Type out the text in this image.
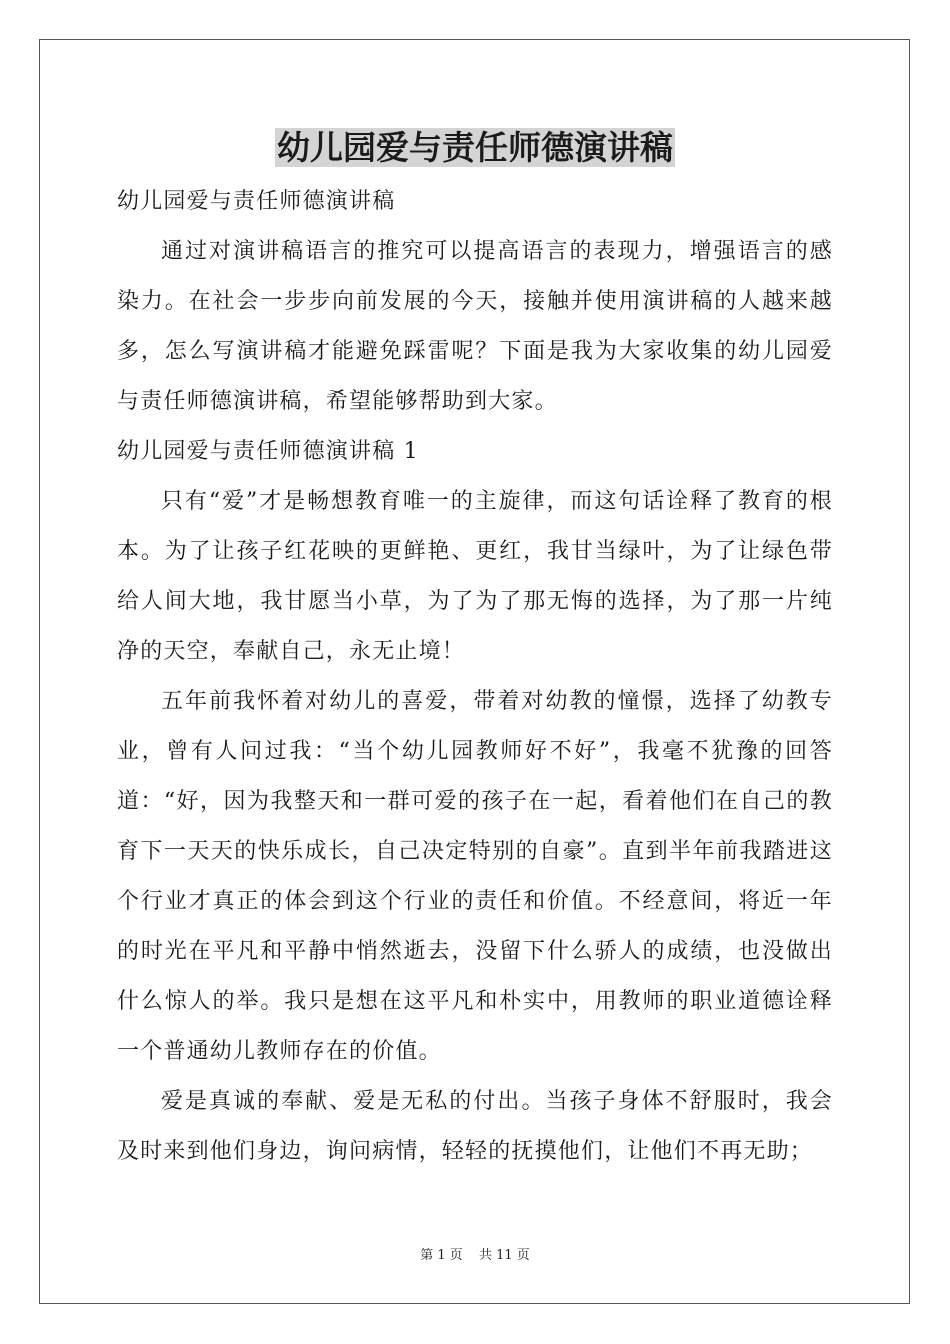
幼儿园爱与责任师德演讲稿

幼儿园爱与责任师德演讲稿

通过对演讲稿语言的推究可以提高语言的表现力，增强语言的感染力。在社会一步步向前发展的今天，接触并使用演讲稿的人越来越多，怎么写演讲稿才能避免踩雷呢？下面是我为大家收集的幼儿园爱与责任师德演讲稿，希望能够帮助到大家。

幼儿园爱与责任师德演讲稿 1

只有“爱”才是畅想教育唯一的主旋律，而这句话诠释了教育的根本。为了让孩子红花映的更鲜艳、更红，我甘当绿叶，为了让绿色带给人间大地，我甘愿当小草，为了为了那无悔的选择，为了那一片纯净的天空，奉献自己，永无止境！

五年前我怀着对幼儿的喜爱，带着对幼教的憧憬，选择了幼教专业，曾有人问过我：“当个幼儿园教师好不好”，我毫不犹豫的回答道：“好，因为我整天和一群可爱的孩子在一起，看着他们在自己的教育下一天天的快乐成长，自己决定特别的自豪”。直到半年前我踏进这个行业才真正的体会到这个行业的责任和价值。不经意间，将近一年的时光在平凡和平静中悄然逝去，没留下什么骄人的成绩，也没做出什么惊人的举。我只是想在这平凡和朴实中，用教师的职业道德诠释一个普通幼儿教师存在的价值。

爱是真诚的奉献、爱是无私的付出。当孩子身体不舒服时，我会及时来到他们身边，询问病情，轻轻的抚摸他们，让他们不再无助；

第 1 页 共 11 页
